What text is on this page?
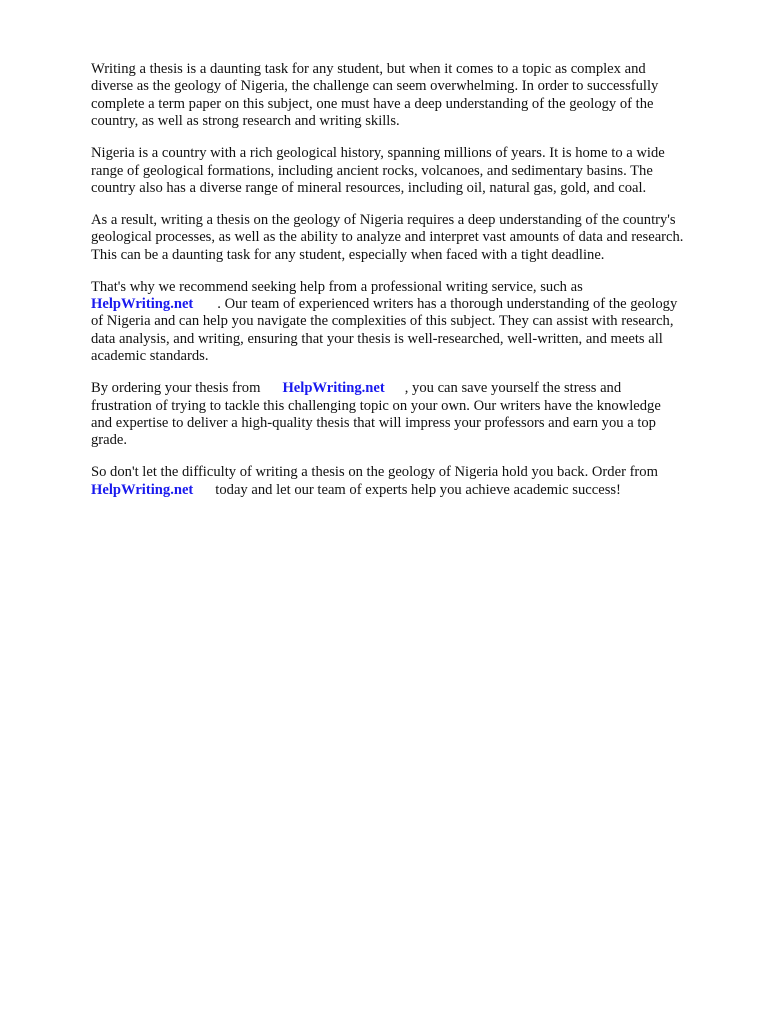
Writing a thesis is a daunting task for any student, but when it comes to a topic as complex and
diverse as the geology of Nigeria, the challenge can seem overwhelming. In order to successfully
complete a term paper on this subject, one must have a deep understanding of the geology of the
country, as well as strong research and writing skills.

Nigeria is a country with a rich geological history, spanning millions of years. It is home to a wide
range of geological formations, including ancient rocks, volcanoes, and sedimentary basins. The
country also has a diverse range of mineral resources, including oil, natural gas, gold, and coal.

As a result, writing a thesis on the geology of Nigeria requires a deep understanding of the country's
geological processes, as well as the ability to analyze and interpret vast amounts of data and research.
This can be a daunting task for any student, especially when faced with a tight deadline.

That's why we recommend seeking help from a professional writing service, such as
HelpWriting.net . Our team of experienced writers has a thorough understanding of the geology
of Nigeria and can help you navigate the complexities of this subject. They can assist with research,
data analysis, and writing, ensuring that your thesis is well-researched, well-written, and meets all
academic standards.

By ordering your thesis from HelpWriting.net , you can save yourself the stress and
frustration of trying to tackle this challenging topic on your own. Our writers have the knowledge
and expertise to deliver a high-quality thesis that will impress your professors and earn you a top
grade.

So don't let the difficulty of writing a thesis on the geology of Nigeria hold you back. Order from
HelpWriting.net today and let our team of experts help you achieve academic success!
